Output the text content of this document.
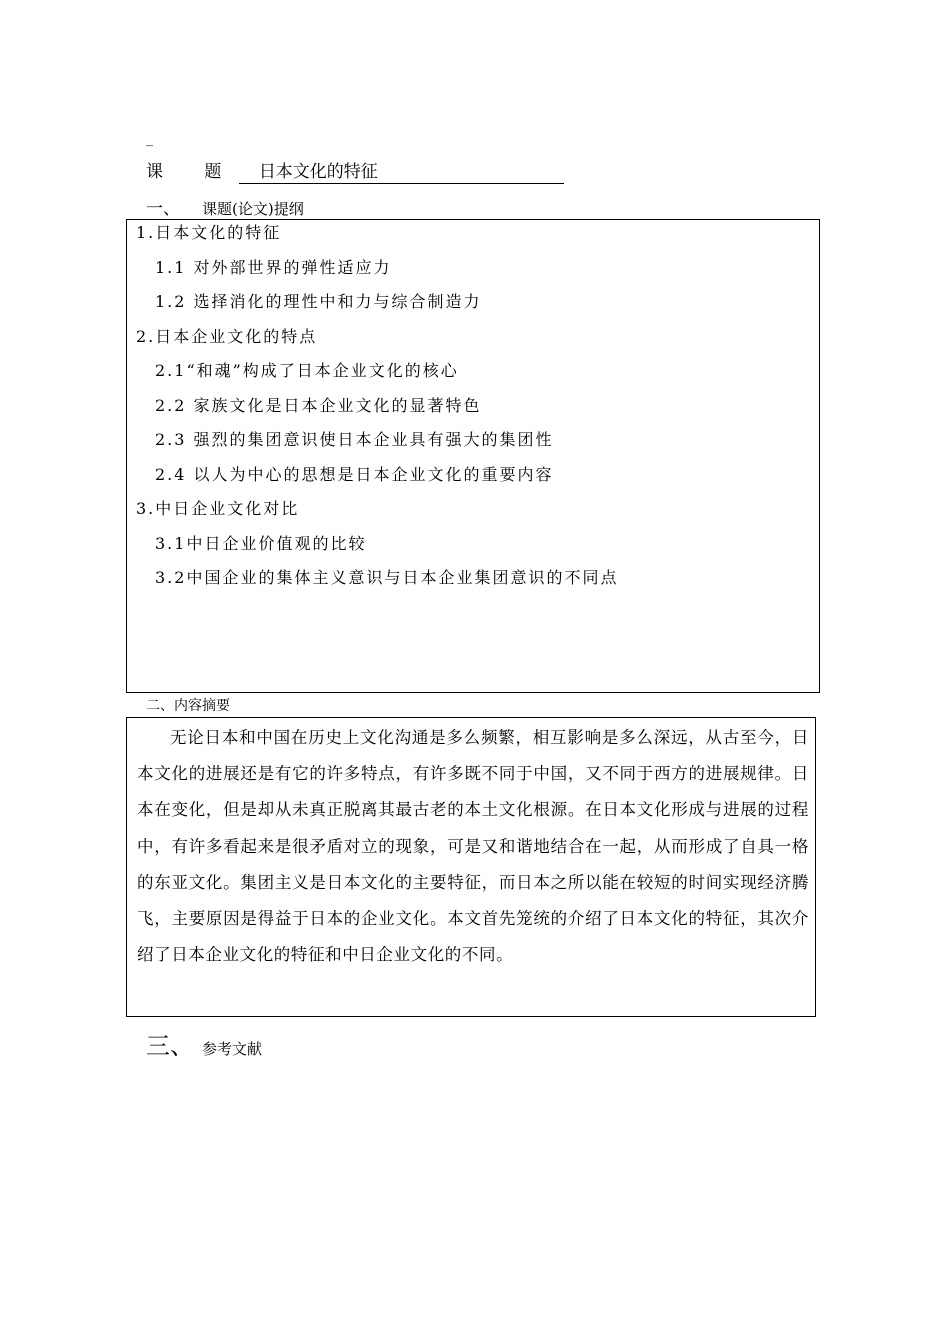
_
课 题 日本文化的特征
一、 课题(论文)提纲
1.日本文化的特征
1.1 对外部世界的弹性适应力
1.2 选择消化的理性中和力与综合制造力
2.日本企业文化的特点
2.1“和魂”构成了日本企业文化的核心
2.2 家族文化是日本企业文化的显著特色
2.3 强烈的集团意识使日本企业具有强大的集团性
2.4 以人为中心的思想是日本企业文化的重要内容
3.中日企业文化对比
3.1中日企业价值观的比较
3.2中国企业的集体主义意识与日本企业集团意识的不同点
二、内容摘要

无论日本和中国在历史上文化沟通是多么频繁，相互影响是多么深远，从古至今，日本文化的进展还是有它的许多特点，有许多既不同于中国，又不同于西方的进展规律。日本在变化，但是却从未真正脱离其最古老的本土文化根源。在日本文化形成与进展的过程中，有许多看起来是很矛盾对立的现象，可是又和谐地结合在一起，从而形成了自具一格的东亚文化。集团主义是日本文化的主要特征，而日本之所以能在较短的时间实现经济腾飞，主要原因是得益于日本的企业文化。本文首先笼统的介绍了日本文化的特征，其次介绍了日本企业文化的特征和中日企业文化的不同。

三、 参考文献
